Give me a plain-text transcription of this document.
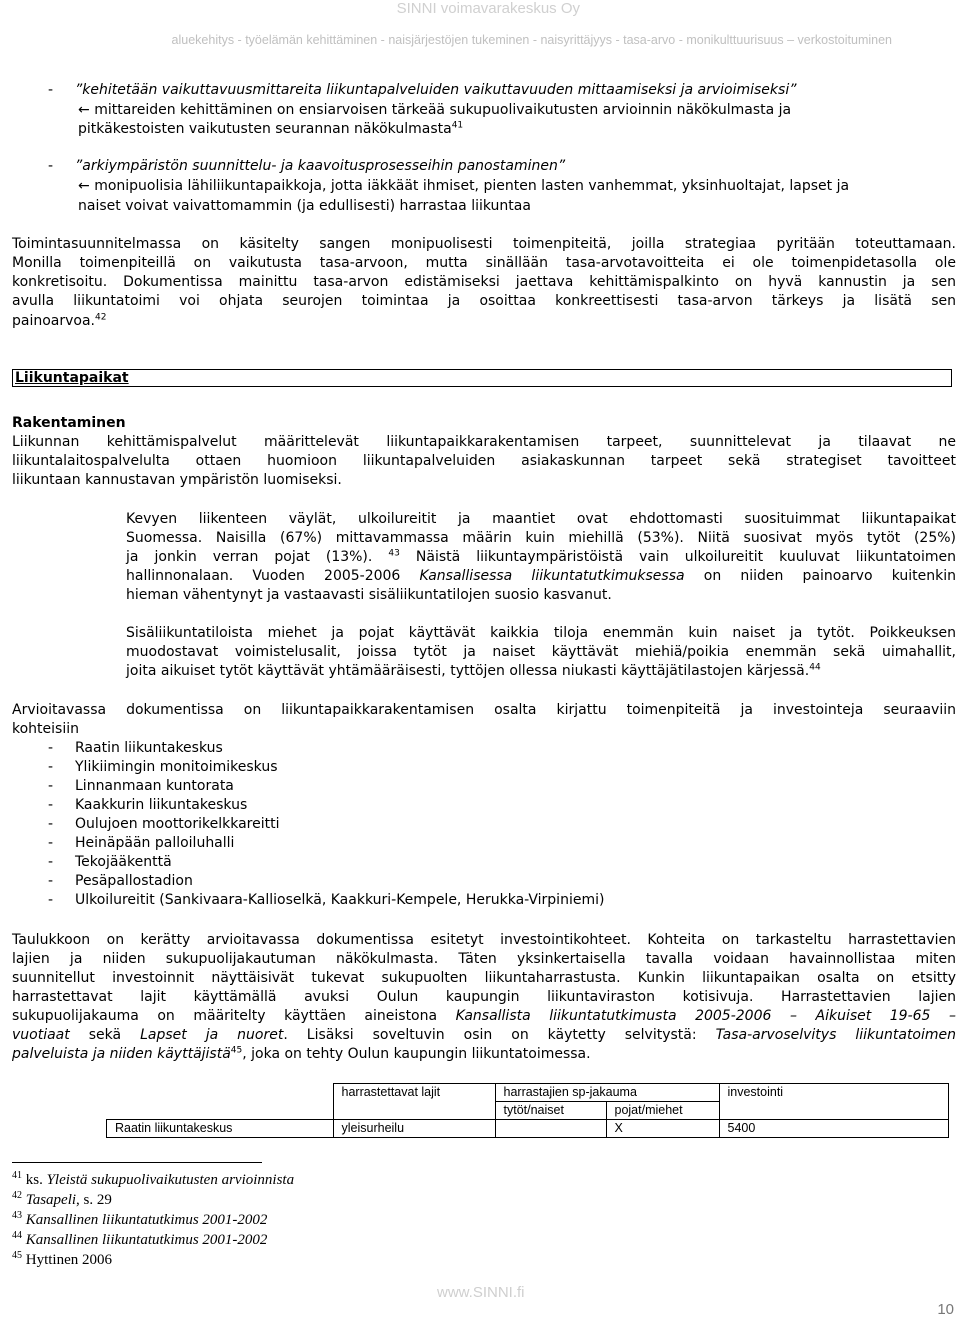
SINNI voimavarakeskus Oy
aluekehitys - työelämän kehittäminen - naisjärjestöjen tukeminen - naisyrittäjyys - tasa-arvo - monikulttuurisuus – verkostoituminen
- ”kehitetään vaikuttavuusmittareita liikuntapalveluiden vaikuttavuuden mittaamiseksi ja arvioimiseksi”
← mittareiden kehittäminen on ensiarvoisen tärkeää sukupuolivaikutusten arvioinnin näkökulmasta ja
pitkäkestoisten vaikutusten seurannan näkökulmasta$^{41}$
- ”arkiympäristön suunnittelu- ja kaavoitusprosesseihin panostaminen”
← monipuolisia lähiliikuntapaikkoja, jotta iäkkäät ihmiset, pienten lasten vanhemmat, yksinhuoltajat, lapset ja
naiset voivat vaivattomammin (ja edullisesti) harrastaa liikuntaa
Toimintasuunnitelmassa on käsitelty sangen monipuolisesti toimenpiteitä, joilla strategiaa pyritään toteuttamaan.
Monilla toimenpiteillä on vaikutusta tasa-arvoon, mutta sinällään tasa-arvotavoitteita ei ole toimenpidetasolla ole
konkretisoitu. Dokumentissa mainittu tasa-arvon edistämiseksi jaettava kehittämispalkinto on hyvä kannustin ja sen
avulla liikuntatoimi voi ohjata seurojen toimintaa ja osoittaa konkreettisesti tasa-arvon tärkeys ja lisätä sen
painoarvoa.$^{42}$
Liikuntapaikat
Rakentaminen
Liikunnan kehittämispalvelut määrittelevät liikuntapaikkarakentamisen tarpeet, suunnittelevat ja tilaavat ne
liikuntalaitospalvelulta ottaen huomioon liikuntapalveluiden asiakaskunnan tarpeet sekä strategiset tavoitteet
liikuntaan kannustavan ympäristön luomiseksi.
Kevyen liikenteen väylät, ulkoilureitit ja maantiet ovat ehdottomasti suosituimmat liikuntapaikat
Suomessa. Naisilla (67%) mittavammassa määrin kuin miehillä (53%). Niitä suosivat myös tytöt (25%)
ja jonkin verran pojat (13%). $^{43}$ Näistä liikuntaympäristöistä vain ulkoilureitit kuuluvat liikuntatoimen
hallinnonalaan. Vuoden 2005-2006 Kansallisessa liikuntatutkimuksessa on niiden painoarvo kuitenkin
hieman vähentynyt ja vastaavasti sisäliikuntatilojen suosio kasvanut.
Sisäliikuntatiloista miehet ja pojat käyttävät kaikkia tiloja enemmän kuin naiset ja tytöt. Poikkeuksen
muodostavat voimistelusalit, joissa tytöt ja naiset käyttävät miehiä/poikia enemmän sekä uimahallit,
joita aikuiset tytöt käyttävät yhtämääräisesti, tyttöjen ollessa niukasti käyttäjätilastojen kärjessä.$^{44}$
Arvioitavassa dokumentissa on liikuntapaikkarakentamisen osalta kirjattu toimenpiteitä ja investointeja seuraaviin
kohteisiin
- Raatin liikuntakeskus
- Ylikiimingin monitoimikeskus
- Linnanmaan kuntorata
- Kaakkurin liikuntakeskus
- Oulujoen moottorikelkkareitti
- Heinäpään palloiluhalli
- Tekojääkenttä
- Pesäpallostadion
- Ulkoilureitit (Sankivaara-Kallioselkä, Kaakkuri-Kempele, Herukka-Virpiniemi)
Taulukkoon on kerätty arvioitavassa dokumentissa esitetyt investointikohteet. Kohteita on tarkasteltu harrastettavien
lajien ja niiden sukupuolijakautuman näkökulmasta. Täten yksinkertaisella tavalla voidaan havainnollistaa miten
suunnitellut investoinnit näyttäisivät tukevat sukupuolten liikuntaharrastusta. Kunkin liikuntapaikan osalta on etsitty
harrastettavat lajit käyttämällä avuksi Oulun kaupungin liikuntaviraston kotisivuja. Harrastettavien lajien
sukupuolijakauma on määritelty käyttäen aineistona Kansallista liikuntatutkimusta 2005-2006 – Aikuiset 19-65 –
vuotiaat sekä Lapset ja nuoret. Lisäksi soveltuvin osin on käytetty selvitystä: Tasa-arvoselvitys liikuntatoimen
palveluista ja niiden käyttäjistä$^{45}$, joka on tehty Oulun kaupungin liikuntatoimessa.
	harrastettavat lajit	harrastajien sp-jakauma		investointi
		tytöt/naiset	pojat/miehet	
Raatin liikuntakeskus	yleisurheilu		X	5400
$^{41}$ ks. Yleistä sukupuolivaikutusten arvioinnista
$^{42}$ Tasapeli, s. 29
$^{43}$ Kansallinen liikuntatutkimus 2001-2002
$^{44}$ Kansallinen liikuntatutkimus 2001-2002
$^{45}$ Hyttinen 2006
www.SINNI.fi
10
